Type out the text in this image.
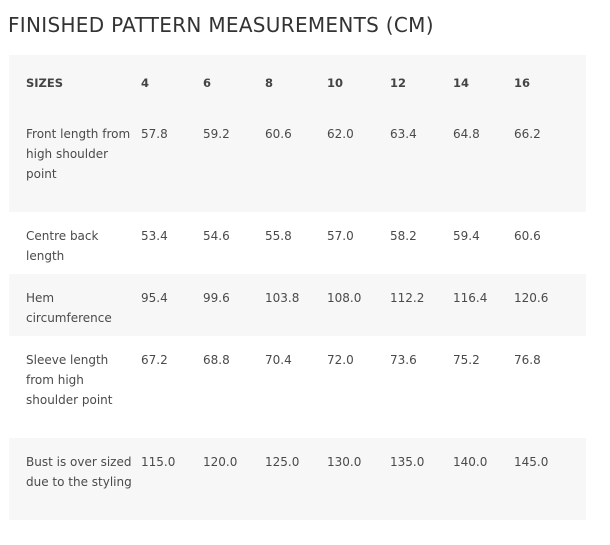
FINISHED PATTERN MEASUREMENTS (CM)
SIZES	4	6	8	10	12	14	16
Front length from high shoulder point	57.8	59.2	60.6	62.0	63.4	64.8	66.2
Centre back length	53.4	54.6	55.8	57.0	58.2	59.4	60.6
Hem circumference	95.4	99.6	103.8	108.0	112.2	116.4	120.6
Sleeve length from high shoulder point	67.2	68.8	70.4	72.0	73.6	75.2	76.8
Bust is over sized due to the styling	115.0	120.0	125.0	130.0	135.0	140.0	145.0
